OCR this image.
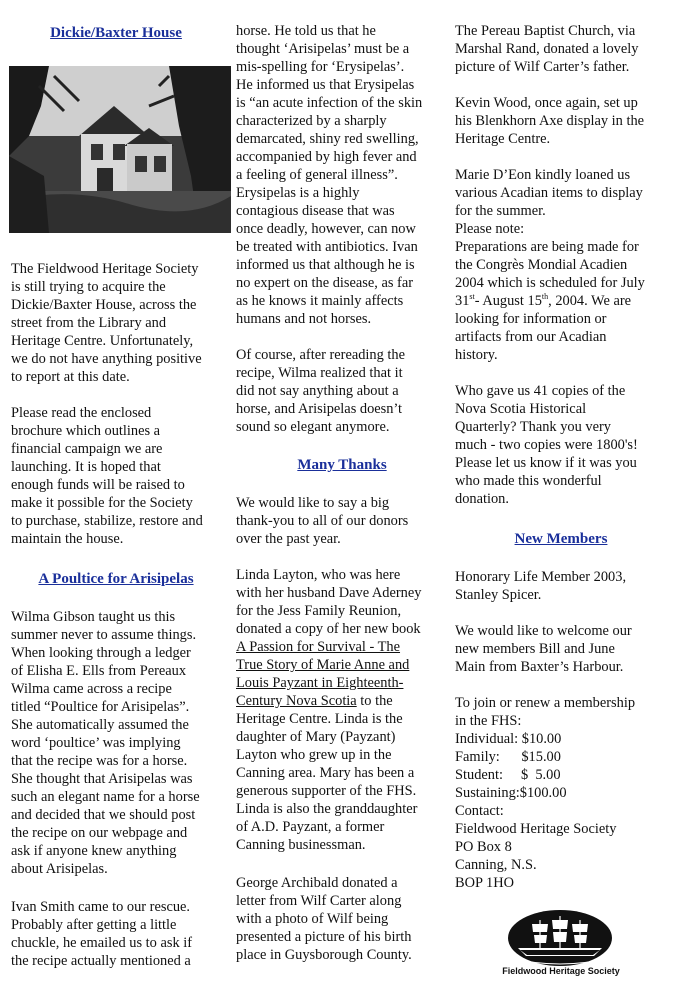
Dickie/Baxter House
The Fieldwood Heritage Society
is still trying to acquire the
Dickie/Baxter House, across the
street from the Library and
Heritage Centre. Unfortunately,
we do not have anything positive
to report at this date.
Please read the enclosed
brochure which outlines a
financial campaign we are
launching. It is hoped that
enough funds will be raised to
make it possible for the Society
to purchase, stabilize, restore and
maintain the house.
A Poultice for Arisipelas
Wilma Gibson taught us this
summer never to assume things.
When looking through a ledger
of Elisha E. Ells from Pereaux
Wilma came across a recipe
titled “Poultice for Arisipelas”.
She automatically assumed the
word ‘poultice’ was implying
that the recipe was for a horse.
She thought that Arisipelas was
such an elegant name for a horse
and decided that we should post
the recipe on our webpage and
ask if anyone knew anything
about Arisipelas.
Ivan Smith came to our rescue.
Probably after getting a little
chuckle, he emailed us to ask if
the recipe actually mentioned a
horse. He told us that he
thought ‘Arisipelas’ must be a
mis-spelling for ‘Erysipelas’.
He informed us that Erysipelas
is “an acute infection of the skin
characterized by a sharply
demarcated, shiny red swelling,
accompanied by high fever and
a feeling of general illness”.
Erysipelas is a highly
contagious disease that was
once deadly, however, can now
be treated with antibiotics. Ivan
informed us that although he is
no expert on the disease, as far
as he knows it mainly affects
humans and not horses.
Of course, after rereading the
recipe, Wilma realized that it
did not say anything about a
horse, and Arisipelas doesn’t
sound so elegant anymore.
Many Thanks
We would like to say a big
thank-you to all of our donors
over the past year.
Linda Layton, who was here
with her husband Dave Aderney
for the Jess Family Reunion,
donated a copy of her new book
A Passion for Survival - The
True Story of Marie Anne and
Louis Payzant in Eighteenth-
Century Nova Scotia to the
Heritage Centre. Linda is the
daughter of Mary (Payzant)
Layton who grew up in the
Canning area. Mary has been a
generous supporter of the FHS.
Linda is also the granddaughter
of A.D. Payzant, a former
Canning businessman.
George Archibald donated a
letter from Wilf Carter along
with a photo of Wilf being
presented a picture of his birth
place in Guysborough County.
The Pereau Baptist Church, via
Marshal Rand, donated a lovely
picture of Wilf Carter’s father.
Kevin Wood, once again, set up
his Blenkhorn Axe display in the
Heritage Centre.
Marie D’Eon kindly loaned us
various Acadian items to display
for the summer.
Please note:
Preparations are being made for
the Congrès Mondial Acadien
2004 which is scheduled for July
31st- August 15th, 2004. We are
looking for information or
artifacts from our Acadian
history.
Who gave us 41 copies of the
Nova Scotia Historical
Quarterly? Thank you very
much - two copies were 1800's!
Please let us know if it was you
who made this wonderful
donation.
New Members
Honorary Life Member 2003,
Stanley Spicer.
We would like to welcome our
new members Bill and June
Main from Baxter’s Harbour.
To join or renew a membership
in the FHS:
Individual: $10.00
Family:      $15.00
Student:     $  5.00
Sustaining:$100.00
Contact:
Fieldwood Heritage Society
PO Box 8
Canning, N.S.
BOP 1HO
Fieldwood Heritage Society
